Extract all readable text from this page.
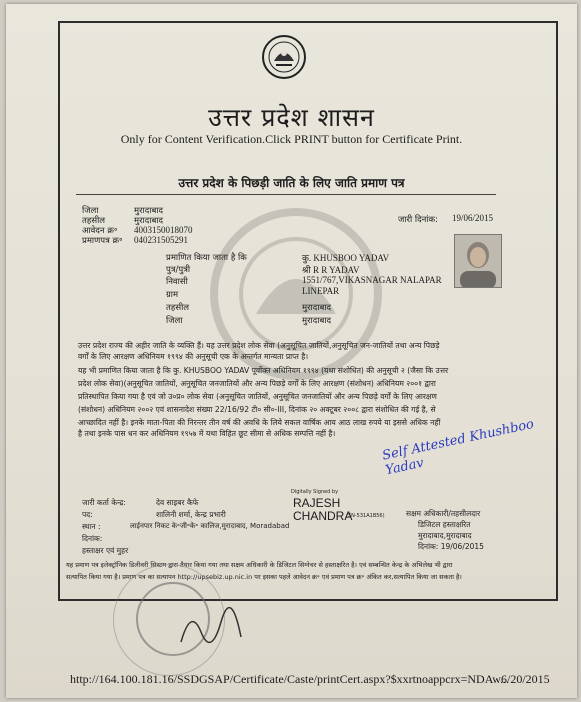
उत्तर प्रदेश शासन
Only for Content Verification.Click PRINT button for Certificate Print.
उत्तर प्रदेश के पिछड़ी जाति के लिए जाति प्रमाण पत्र
जिला	मुरादाबाद
तहसील	मुरादाबाद
आवेदन क्र॰ 4003150018070
प्रमाणपत्र क्र॰ 040231505291
जारी दिनांक: 19/06/2015
प्रमाणित किया जाता है कि	कु. KHUSBOO YADAV
पुत्र/पुत्री	श्री R R YADAV
निवासी	1551/767,VIKASNAGAR NALAPAR
LINEPAR
ग्राम
तहसील	मुरादाबाद
जिला	मुरादाबाद
उत्तर प्रदेश राज्य की अहीर जाति के व्यक्ति हैं। यह उत्तर प्रदेश लोक सेवा (अनुसूचित जातियों,अनुसूचित जन-जातियों तथा अन्य पिछड़े
वर्गों के लिए आरक्षण अधिनियम १९९४ की अनुसूची एक के अन्तर्गत मान्यता प्राप्त है।
यह भी प्रमाणित किया जाता है कि कु. KHUSBOO YADAV पूर्वोक्त अधिनियम १९९४ (यथा संशोधित) की अनुसूची २ (जैसा कि उत्तर
प्रदेश लोक सेवा)(अनुसूचित जातियों, अनुसूचित जनजातियों और अन्य पिछड़े वर्गों के लिए आरक्षण (संशोधन) अधिनियम २००१ द्वारा
प्रतिस्थापित किया गया है एवं जो उ०प्र० लोक सेवा (अनुसूचित जातियों, अनुसूचित जनजातियों और अन्य पिछड़े वर्गों के लिए आरक्षण
(संशोधन) अधिनियम २००२ एवं शासनादेश संख्या 22/16/92 टी० सी०-III, दिनांक २० अक्टूबर २००८ द्वारा संशोधित की गई है, से
आच्छादित नहीं है। इनके माता-पिता की निरन्तर तीन वर्ष की अवधि के लिये सकल वार्षिक आय आठ लाख रुपये या इससे अधिक नहीं
है तथा इनके पास धन कर अधिनियम १९५७ में यथा विहित छूट सीमा से अधिक सम्पत्ति नहीं है।	Self Attested Khushboo Yadav
जारी कर्ता केन्द्र:	देव साइबर कैफे
पद:	शालिनी शर्मा, केन्द्र प्रभारी
स्थान :	लाईनपार निकट के॰जी॰के॰ कालिज,मुरादाबाद, Moradabad
दिनांक:
हस्ताक्षर एवं मुहर
Digitally Signed by
RAJESH
CHANDRA
(SN-531A1B56)	सक्षम अधिकारी/तहसीलदार
डिजिटल हस्ताक्षरित
मुरादाबाद,मुरादाबाद
दिनांक: 19/06/2015
यह प्रमाण पत्र इलेक्ट्रॉनिक डिलीवरी सिस्टम द्वारा तैयार किया गया तथा सक्षम अधिकारी के डिजिटल सिग्नेचर से हस्ताक्षरित है। एवं सम्बन्धित केन्द्र के अभिलेख भी द्वारा
सत्यापित किया गया है। प्रमाण पत्र का सत्यापन http://upsebiz.up.nic.in पर इसका पहले आवेदन क्र॰ एवं प्रमाण पत्र क्र॰ अंकित कर,सत्यापित किया जा सकता है।
http://164.100.181.16/SSDGSAP/Certificate/Caste/printCert.aspx?$xxrtnoappcrx=NDAw...
6/20/2015
